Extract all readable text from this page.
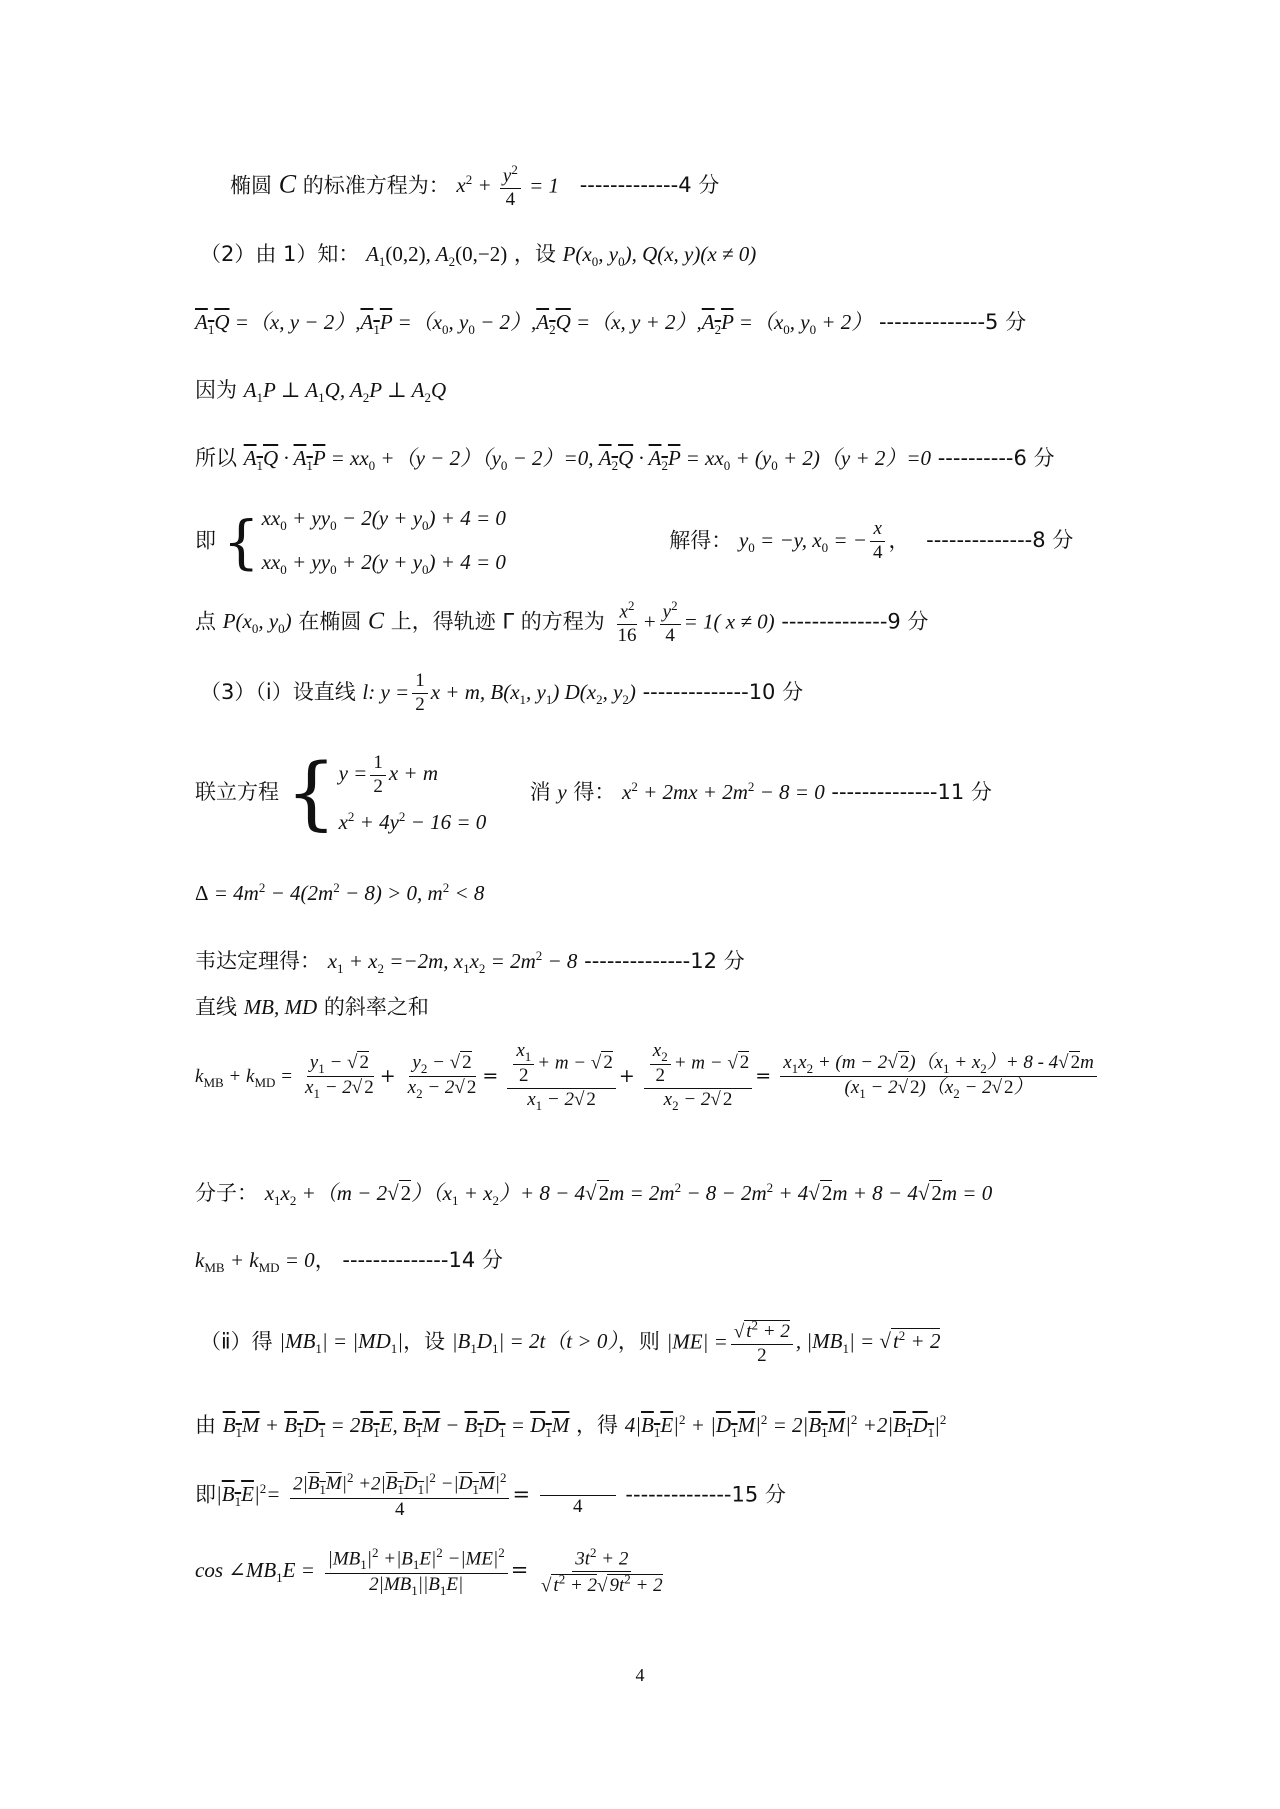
椭圆 C 的标准方程为： $x^2 + \frac{y^2}{4} = 1$ -------------4 分
（2）由 1）知： $A_1(0,2)$, $A_2(0,-2)$ ，设 $P(x_0$, $y_0$), Q(x, y)(x ≠ 0)
$A_1Q =(x$, $y - 2),A_1P =(x_0$, $y_0 - 2),A_2Q =(x$, $y + 2),A_2P =(x_0$, $y_0 + 2$） --------------5 分
因为 $A_1P$ ⊥ $A_1Q$, $A_2P$ ⊥ $A_2Q$
所以 $A_1Q \cdot A_1P = xx_0 +(y - 2)(y_0 - 2)=0$, $A_2Q \cdot A_2P = xx_0 + (y_0 + 2)(y + 2)=0$ ----------6 分
即 { $xx_0 + yy_0 - 2(y + y_0) + 4 = 0$
$xx_0 + yy_0 + 2(y + y_0) + 4 = 0$
解得： $y_0 = -y$, $x_0$ = − $\frac{x}{4}$ ， --------------8 分
点 $P(x_0$, $y_0$) 在椭圆 C 上，得轨迹 Γ 的方程为 $\frac{x^2}{16} + \frac{y^2}{4} = 1$( x ≠ 0) --------------9 分
（3）（ⅰ）设直线 l: $y = \frac{1}{2}$ x + m, $B(x_1$, $y_1$) $D(x_2$, $y_2$) --------------10 分
联立方程 { $y = \frac{1}{2}$ x + m
$x^2 + 4y^2 - 16 = 0$
消 y 得： $x^2 + 2mx + 2m^2 - 8 = 0$ --------------11 分
$\Delta = 4m^2 - 4(2m^2 - 8) > 0$, $m^2 < 8$
韦达定理得： $x_1 + x_2 =-2m$, $x_1x_2 = 2m^2 - 8$ --------------12 分
直线 MB, MD 的斜率之和
$k_{MB} + k_{MD} = \frac{y_1 - √ 2}{x_1 - 2√ 2} + \frac{y_2 - √ 2}{x_2 - 2√ 2} = \frac{\frac{x_1}{2} + m - √ 2}{x_1 - 2√ 2} + \frac{\frac{x_2}{2} + m - √ 2}{x_2 - 2√ 2} = \frac{x_1x_2 + (m - 2√ 2)(x_1 + x_2)+ 8 - 4√ 2m}{(x_1 - 2√ 2)(x_2 - 2√ 2)}$
分子： $x_1x_2 +(m - 2√2)(x_1 + x_2)+ 8 - 4√2m = 2m^2 - 8 - 2m^2 + 4√2m + 8 - 4√2m = 0$
$k_{MB} + k_{MD} = 0$， --------------14 分
（ⅱ）得 $|MB_1| = |MD_1|$，设 $|B_1D_1| = 2t(t > 0)$，则 $|ME| = \frac{√ t^2 + 2}{2}$ , $|MB_1| = √t^2 + 2$
由 $B_1M + B_1D_1 = 2B_1E$, $B_1M - B_1D_1 = D_1M$ ，得 $4|B_1E|^2 + |D_1M|^2 = 2|B_1M|^2 +2|B_1D_1|^2$
即$|B_1E|^2= \frac{2|B_1M|^2 +2|B_1D_1|^2 -|D_1M|^2}{4}$ =

4
--------------15 分
$\cos \angle MB_1E = \frac{|MB_1|^2 +|B_1E|^2 -|ME|^2}{2|MB_1||B_1E|} = \frac{3t^2 + 2}{√ t^2 + 2√ 9t^2 + 2}$
4
